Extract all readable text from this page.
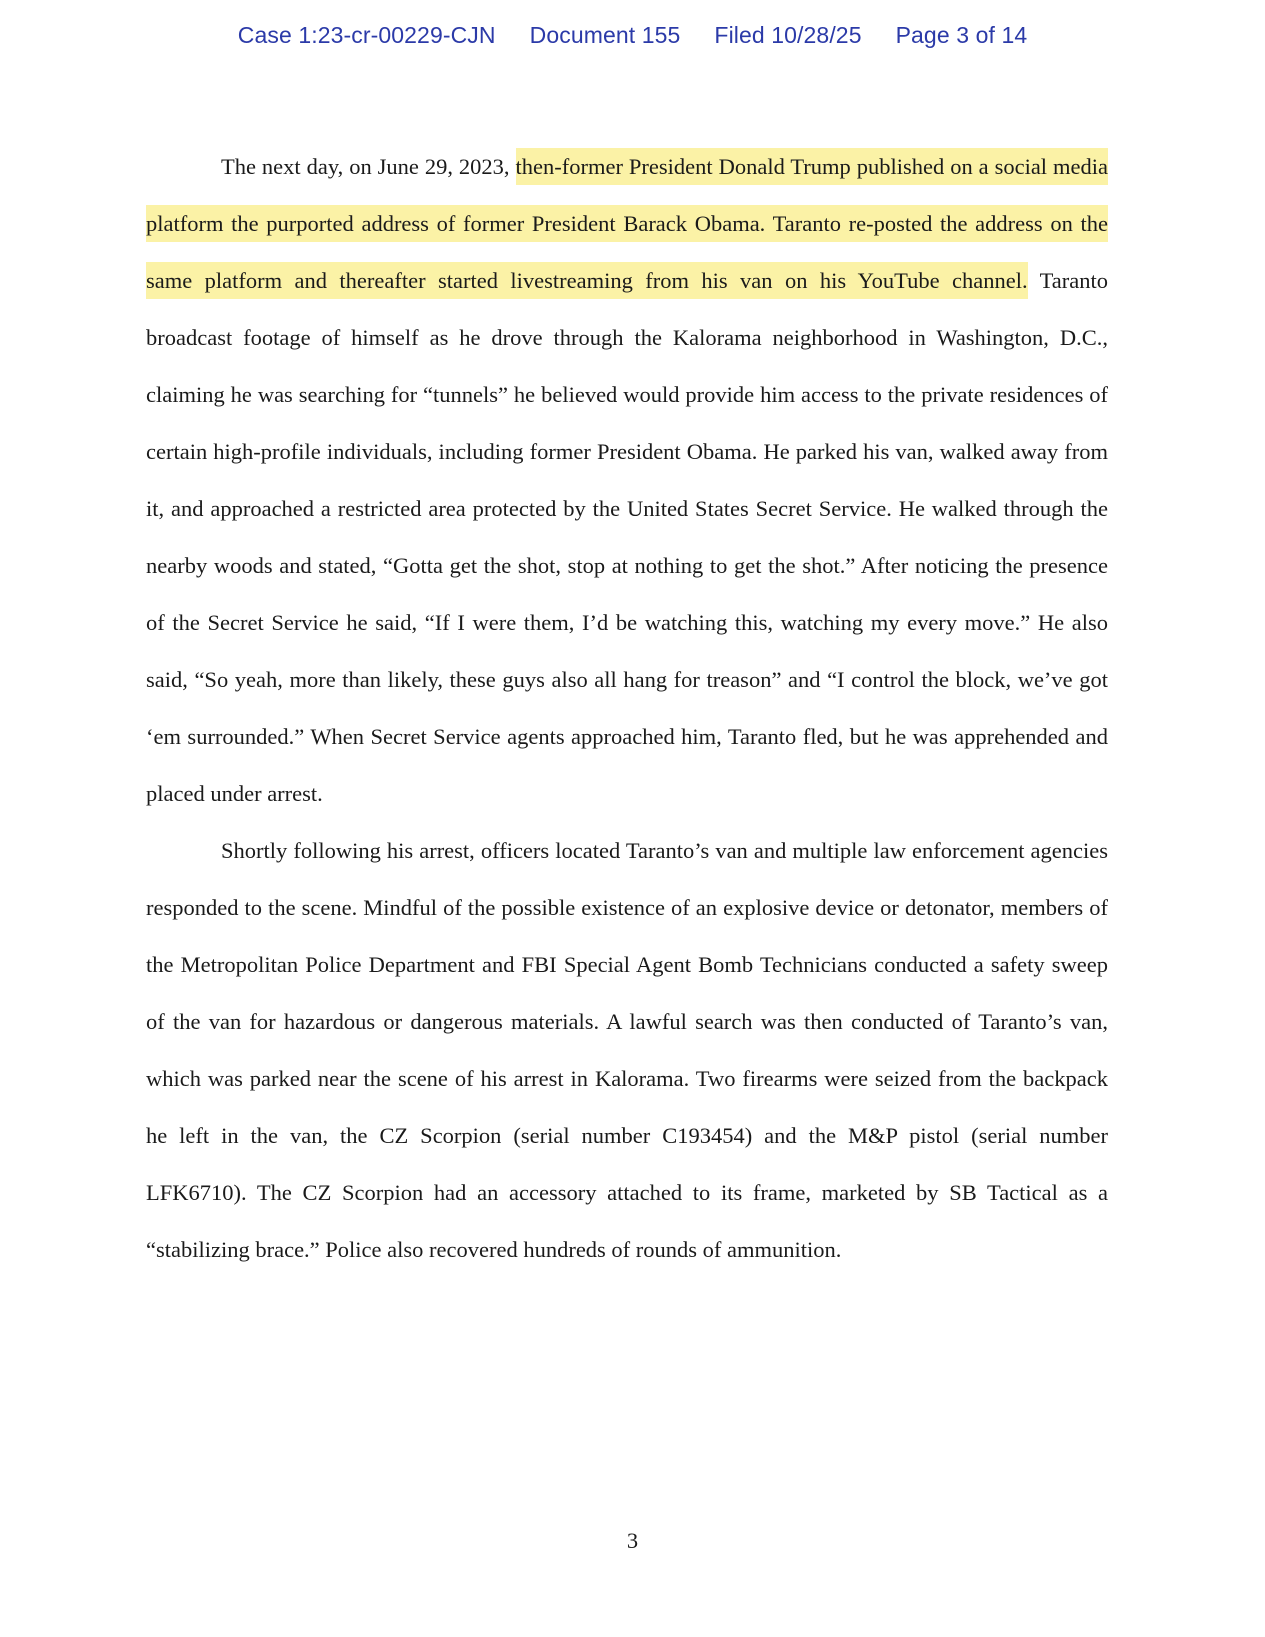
Case 1:23-cr-00229-CJN Document 155 Filed 10/28/25 Page 3 of 14

The next day, on June 29, 2023, then-former President Donald Trump published on a social media platform the purported address of former President Barack Obama. Taranto re-posted the address on the same platform and thereafter started livestreaming from his van on his YouTube channel. Taranto broadcast footage of himself as he drove through the Kalorama neighborhood in Washington, D.C., claiming he was searching for “tunnels” he believed would provide him access to the private residences of certain high-profile individuals, including former President Obama. He parked his van, walked away from it, and approached a restricted area protected by the United States Secret Service. He walked through the nearby woods and stated, “Gotta get the shot, stop at nothing to get the shot.” After noticing the presence of the Secret Service he said, “If I were them, I’d be watching this, watching my every move.” He also said, “So yeah, more than likely, these guys also all hang for treason” and “I control the block, we’ve got ‘em surrounded.” When Secret Service agents approached him, Taranto fled, but he was apprehended and placed under arrest.

Shortly following his arrest, officers located Taranto’s van and multiple law enforcement agencies responded to the scene. Mindful of the possible existence of an explosive device or detonator, members of the Metropolitan Police Department and FBI Special Agent Bomb Technicians conducted a safety sweep of the van for hazardous or dangerous materials. A lawful search was then conducted of Taranto’s van, which was parked near the scene of his arrest in Kalorama. Two firearms were seized from the backpack he left in the van, the CZ Scorpion (serial number C193454) and the M&P pistol (serial number LFK6710). The CZ Scorpion had an accessory attached to its frame, marketed by SB Tactical as a “stabilizing brace.” Police also recovered hundreds of rounds of ammunition.

3
